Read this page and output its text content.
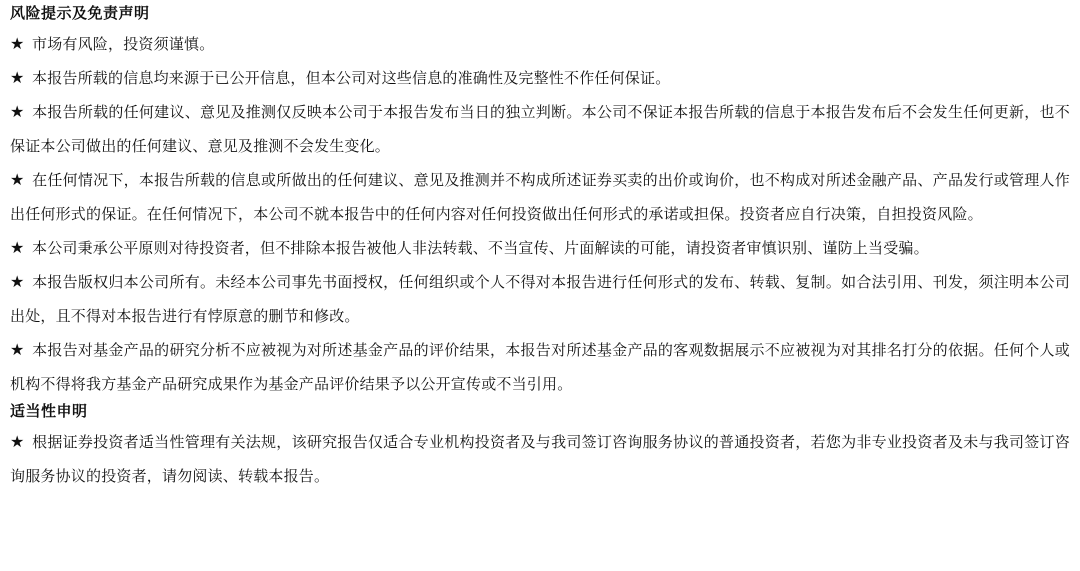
风险提示及免责声明
★ 市场有风险，投资须谨慎。
★ 本报告所载的信息均来源于已公开信息，但本公司对这些信息的准确性及完整性不作任何保证。
★ 本报告所载的任何建议、意见及推测仅反映本公司于本报告发布当日的独立判断。本公司不保证本报告所载的信息于本报告发布后不会发生任何更新，也不保证本公司做出的任何建议、意见及推测不会发生变化。
★ 在任何情况下，本报告所载的信息或所做出的任何建议、意见及推测并不构成所述证券买卖的出价或询价，也不构成对所述金融产品、产品发行或管理人作出任何形式的保证。在任何情况下，本公司不就本报告中的任何内容对任何投资做出任何形式的承诺或担保。投资者应自行决策，自担投资风险。
★ 本公司秉承公平原则对待投资者，但不排除本报告被他人非法转载、不当宣传、片面解读的可能，请投资者审慎识别、谨防上当受骗。
★ 本报告版权归本公司所有。未经本公司事先书面授权，任何组织或个人不得对本报告进行任何形式的发布、转载、复制。如合法引用、刊发，须注明本公司出处，且不得对本报告进行有悖原意的删节和修改。
★ 本报告对基金产品的研究分析不应被视为对所述基金产品的评价结果，本报告对所述基金产品的客观数据展示不应被视为对其排名打分的依据。任何个人或机构不得将我方基金产品研究成果作为基金产品评价结果予以公开宣传或不当引用。
适当性申明
★ 根据证券投资者适当性管理有关法规，该研究报告仅适合专业机构投资者及与我司签订咨询服务协议的普通投资者，若您为非专业投资者及未与我司签订咨询服务协议的投资者，请勿阅读、转载本报告。
